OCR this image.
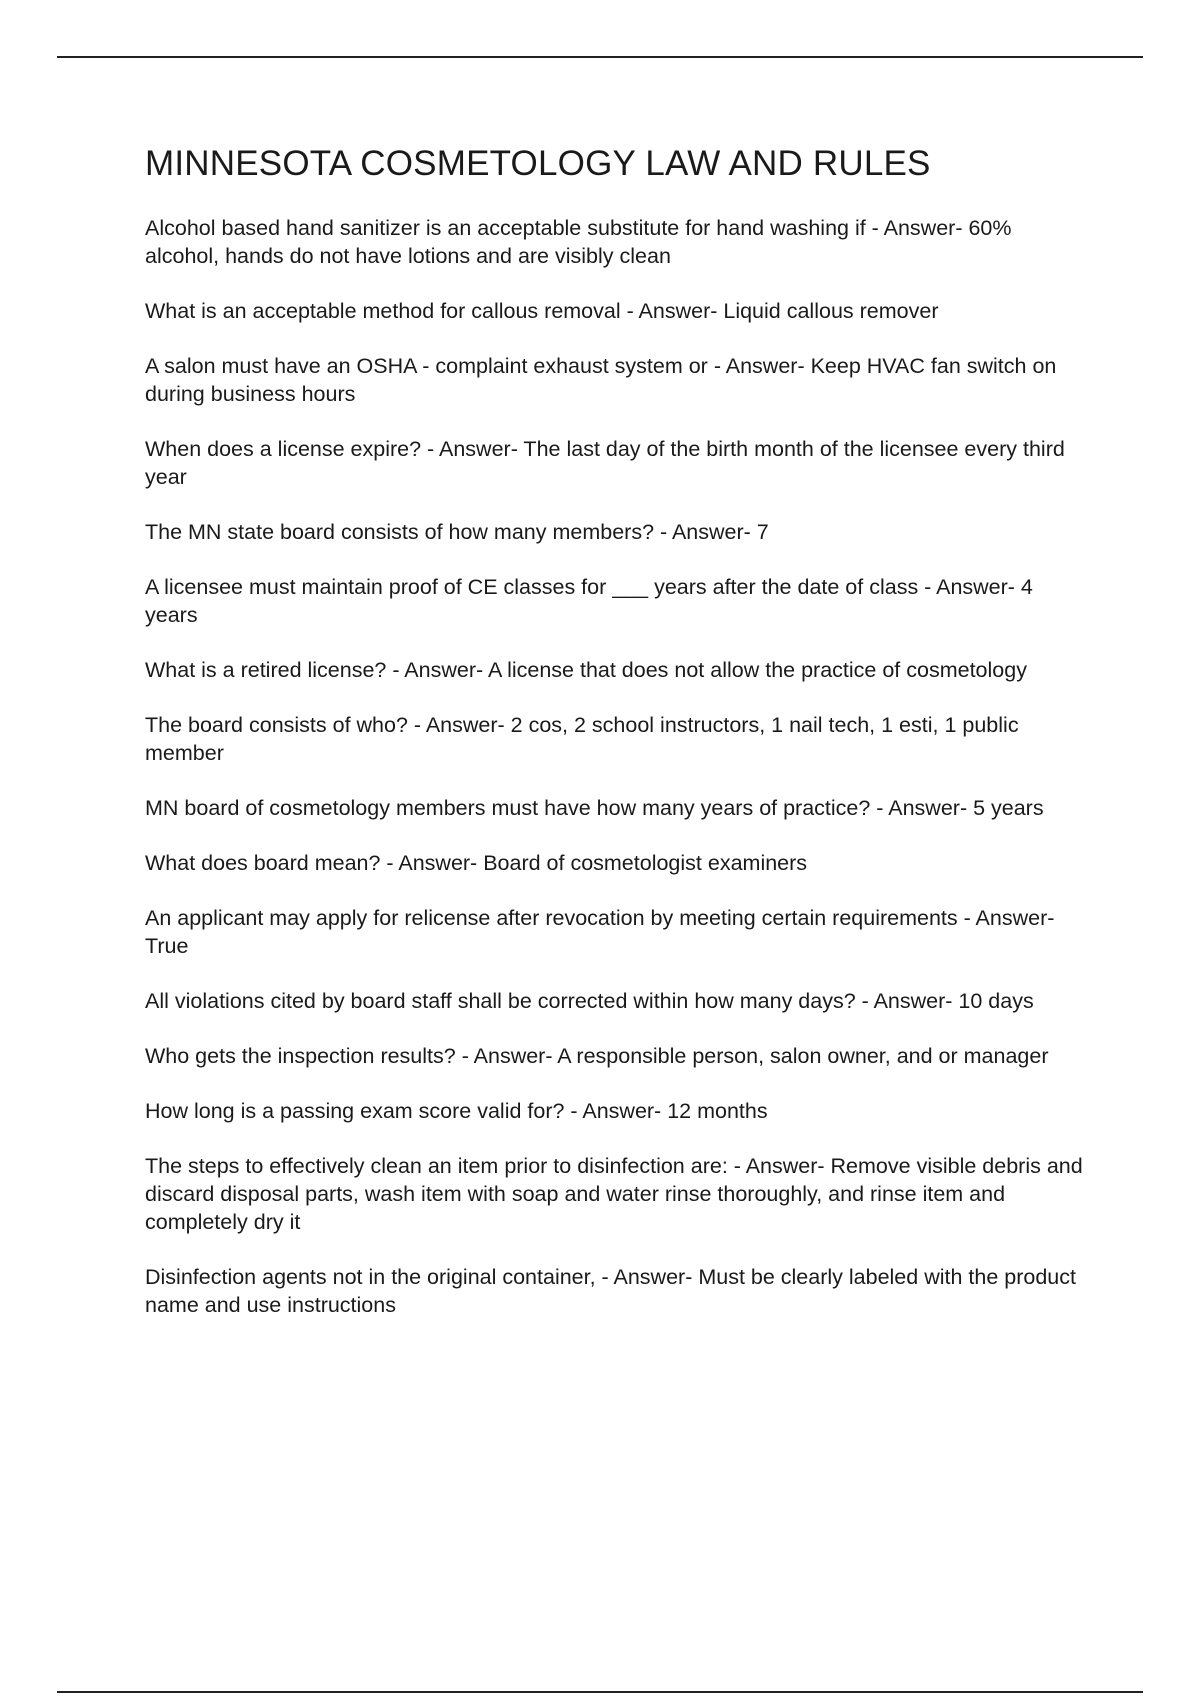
MINNESOTA COSMETOLOGY LAW AND RULES

Alcohol based hand sanitizer is an acceptable substitute for hand washing if - Answer- 60% alcohol, hands do not have lotions and are visibly clean

What is an acceptable method for callous removal - Answer- Liquid callous remover

A salon must have an OSHA - complaint exhaust system or - Answer- Keep HVAC fan switch on during business hours

When does a license expire? - Answer- The last day of the birth month of the licensee every third year

The MN state board consists of how many members? - Answer- 7

A licensee must maintain proof of CE classes for ___ years after the date of class - Answer- 4 years

What is a retired license? - Answer- A license that does not allow the practice of cosmetology

The board consists of who? - Answer- 2 cos, 2 school instructors, 1 nail tech, 1 esti, 1 public member

MN board of cosmetology members must have how many years of practice? - Answer- 5 years

What does board mean? - Answer- Board of cosmetologist examiners

An applicant may apply for relicense after revocation by meeting certain requirements - Answer- True

All violations cited by board staff shall be corrected within how many days? - Answer- 10 days

Who gets the inspection results? - Answer- A responsible person, salon owner, and or manager

How long is a passing exam score valid for? - Answer- 12 months

The steps to effectively clean an item prior to disinfection are: - Answer- Remove visible debris and discard disposal parts, wash item with soap and water rinse thoroughly, and rinse item and completely dry it

Disinfection agents not in the original container, - Answer- Must be clearly labeled with the product name and use instructions
